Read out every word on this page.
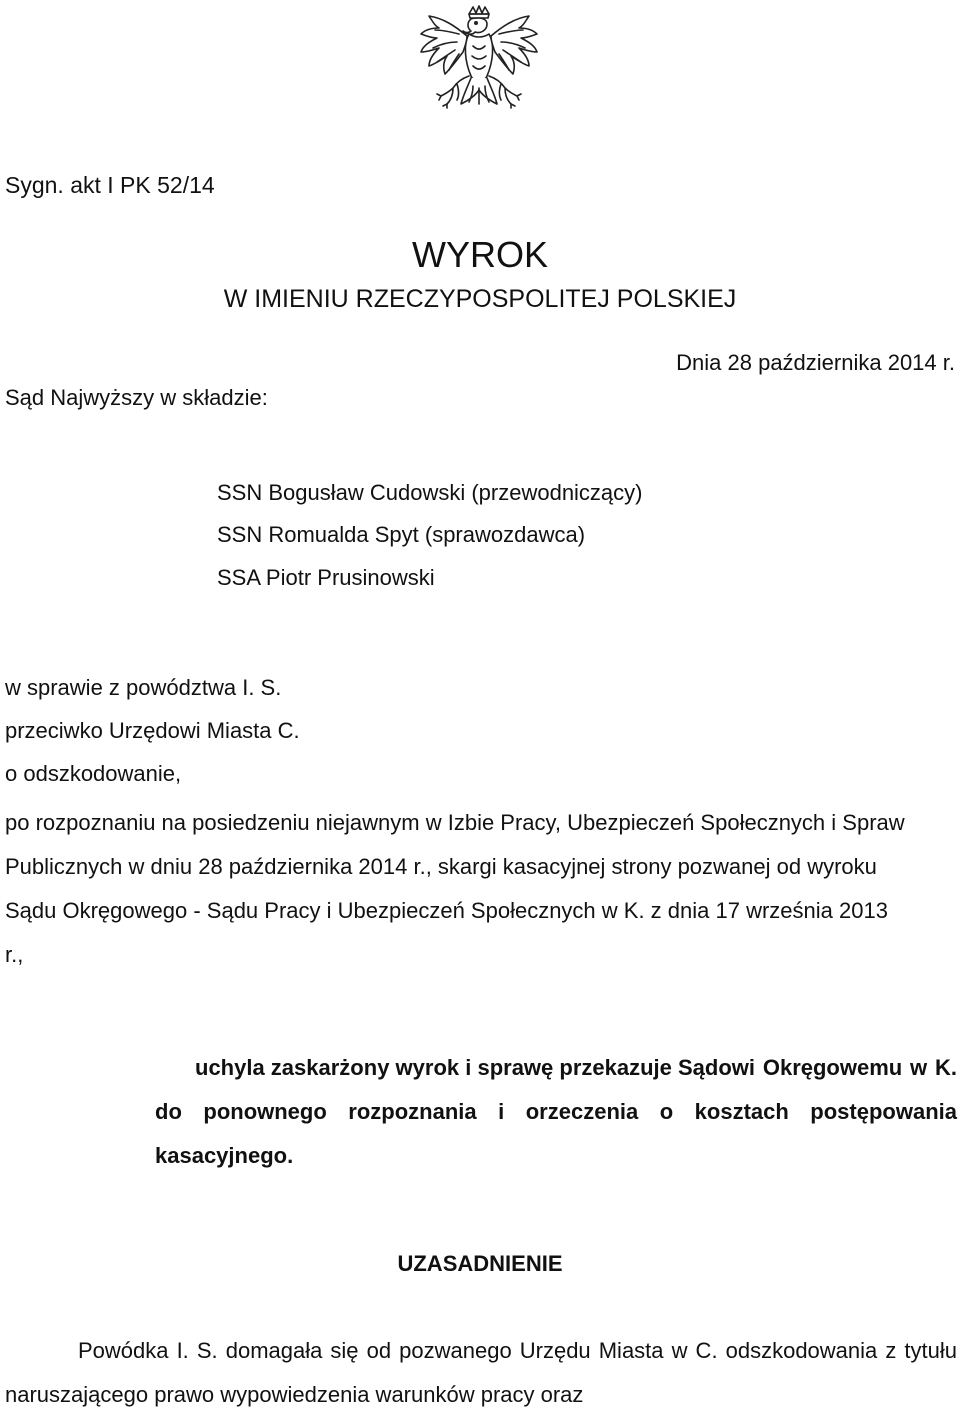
Sygn. akt I PK 52/14
WYROK
W IMIENIU RZECZYPOSPOLITEJ POLSKIEJ
Dnia 28 października 2014 r.
Sąd Najwyższy w składzie:
SSN Bogusław Cudowski (przewodniczący)
SSN Romualda Spyt (sprawozdawca)
SSA Piotr Prusinowski
w sprawie z powództwa I. S.
przeciwko Urzędowi Miasta C.
o odszkodowanie,
po rozpoznaniu na posiedzeniu niejawnym w Izbie Pracy, Ubezpieczeń Społecznych i Spraw Publicznych w dniu 28 października 2014 r., skargi kasacyjnej strony pozwanej od wyroku Sądu Okręgowego - Sądu Pracy i Ubezpieczeń Społecznych w K. z dnia 17 września 2013 r.,
uchyla zaskarżony wyrok i sprawę przekazuje Sądowi Okręgowemu w K. do ponownego rozpoznania i orzeczenia o kosztach postępowania kasacyjnego.
UZASADNIENIE
Powódka I. S. domagała się od pozwanego Urzędu Miasta w C. odszkodowania z tytułu naruszającego prawo wypowiedzenia warunków pracy oraz
